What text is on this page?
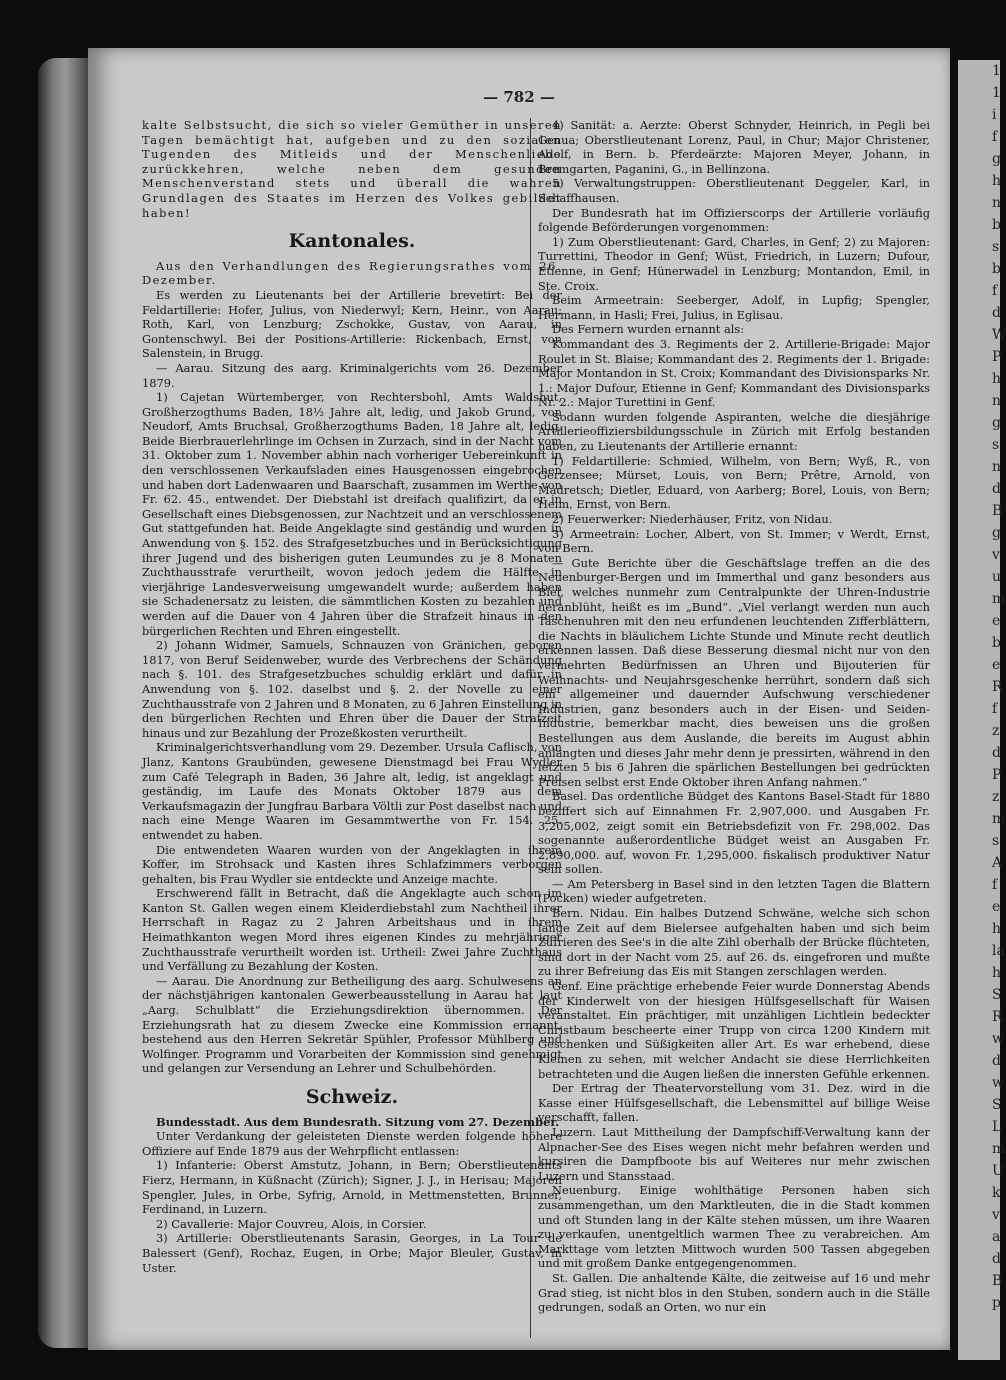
1
1
i
f
g
h
n
b
s
b
f
d
W
P
h
n
g
s
n
d
B
g
v
u
m
e
b
e
R
f
z
d
P
z
m
s
A
f
e
h
la
h
S
R
w
d
w
S
L
m
U
k
v
a
d
B
p
— 782 —

kalte Selbstsucht, die sich so vieler Gemüther in unseren Tagen bemächtigt hat, aufgeben und zu den sozialen Tugenden des Mitleids und der Menschenliebe zurückkehren, welche neben dem gesunden Menschenverstand stets und überall die wahren Grundlagen des Staates im Herzen des Volkes gebildet haben!

Kantonales.

Aus den Verhandlungen des Regierungsrathes vom 26. Dezember.

Es werden zu Lieutenants bei der Artillerie brevetirt: Bei der Feldartillerie: Hofer, Julius, von Niederwyl; Kern, Heinr., von Aarau; Roth, Karl, von Lenzburg; Zschokke, Gustav, von Aarau, in Gontenschwyl. Bei der Positions-Artillerie: Rickenbach, Ernst, von Salenstein, in Brugg.

— Aarau. Sitzung des aarg. Kriminalgerichts vom 26. Dezember 1879.

1) Cajetan Würtemberger, von Rechtersbohl, Amts Waldshut, Großherzogthums Baden, 18½ Jahre alt, ledig, und Jakob Grund, von Neudorf, Amts Bruchsal, Großherzogthums Baden, 18 Jahre alt, ledig, Beide Bierbrauerlehrlinge im Ochsen in Zurzach, sind in der Nacht vom 31. Oktober zum 1. November abhin nach vorheriger Uebereinkunft in den verschlossenen Verkaufsladen eines Hausgenossen eingebrochen und haben dort Ladenwaaren und Baarschaft, zusammen im Werthe von Fr. 62. 45., entwendet. Der Diebstahl ist dreifach qualifizirt, da er in Gesellschaft eines Diebsgenossen, zur Nachtzeit und an verschlossenem Gut stattgefunden hat. Beide Angeklagte sind geständig und wurden in Anwendung von §. 152. des Strafgesetzbuches und in Berücksichtigung ihrer Jugend und des bisherigen guten Leumundes zu je 8 Monaten Zuchthausstrafe verurtheilt, wovon jedoch jedem die Hälfte in vierjährige Landesverweisung umgewandelt wurde; außerdem haben sie Schadenersatz zu leisten, die sämmtlichen Kosten zu bezahlen und werden auf die Dauer von 4 Jahren über die Strafzeit hinaus in den bürgerlichen Rechten und Ehren eingestellt.

2) Johann Widmer, Samuels, Schnauzen von Gränichen, geboren 1817, von Beruf Seidenweber, wurde des Verbrechens der Schändung nach §. 101. des Strafgesetzbuches schuldig erklärt und dafür in Anwendung von §. 102. daselbst und §. 2. der Novelle zu einer Zuchthausstrafe von 2 Jahren und 8 Monaten, zu 6 Jahren Einstellung in den bürgerlichen Rechten und Ehren über die Dauer der Strafzeit hinaus und zur Bezahlung der Prozeßkosten verurtheilt.

Kriminalgerichtsverhandlung vom 29. Dezember. Ursula Caflisch, von Jlanz, Kantons Graubünden, gewesene Dienstmagd bei Frau Wydler zum Café Telegraph in Baden, 36 Jahre alt, ledig, ist angeklagt und geständig, im Laufe des Monats Oktober 1879 aus dem Verkaufsmagazin der Jungfrau Barbara Völtli zur Post daselbst nach und nach eine Menge Waaren im Gesammtwerthe von Fr. 154. 25. entwendet zu haben.

Die entwendeten Waaren wurden von der Angeklagten in ihrem Koffer, im Strohsack und Kasten ihres Schlafzimmers verborgen gehalten, bis Frau Wydler sie entdeckte und Anzeige machte.

Erschwerend fällt in Betracht, daß die Angeklagte auch schon im Kanton St. Gallen wegen einem Kleiderdiebstahl zum Nachtheil ihrer Herrschaft in Ragaz zu 2 Jahren Arbeitshaus und in ihrem Heimathkanton wegen Mord ihres eigenen Kindes zu mehrjähriger Zuchthausstrafe verurtheilt worden ist. Urtheil: Zwei Jahre Zuchthaus und Verfällung zu Bezahlung der Kosten.

— Aarau. Die Anordnung zur Betheiligung des aarg. Schulwesens an der nächstjährigen kantonalen Gewerbeausstellung in Aarau hat laut „Aarg. Schulblatt“ die Erziehungsdirektion übernommen. Der Erziehungsrath hat zu diesem Zwecke eine Kommission ernannt, bestehend aus den Herren Sekretär Spühler, Professor Mühlberg und Wolfinger. Programm und Vorarbeiten der Kommission sind genehmigt und gelangen zur Versendung an Lehrer und Schulbehörden.

Schweiz.

Bundesstadt. Aus dem Bundesrath. Sitzung vom 27. Dezember.

Unter Verdankung der geleisteten Dienste werden folgende höhere Offiziere auf Ende 1879 aus der Wehrpflicht entlassen:

1) Infanterie: Oberst Amstutz, Johann, in Bern; Oberstlieutenants Fierz, Hermann, in Küßnacht (Zürich); Signer, J. J., in Herisau; Majoren Spengler, Jules, in Orbe, Syfrig, Arnold, in Mettmenstetten, Brunner, Ferdinand, in Luzern.

2) Cavallerie: Major Couvreu, Alois, in Corsier.

3) Artillerie: Oberstlieutenants Sarasin, Georges, in La Tour de Balessert (Genf), Rochaz, Eugen, in Orbe; Major Bleuler, Gustav, in Uster.

4) Sanität: a. Aerzte: Oberst Schnyder, Heinrich, in Pegli bei Genua; Oberstlieutenant Lorenz, Paul, in Chur; Major Christener, Adolf, in Bern. b. Pferdeärzte: Majoren Meyer, Johann, in Bremgarten, Paganini, G., in Bellinzona.

5) Verwaltungstruppen: Oberstlieutenant Deggeler, Karl, in Schaffhausen.

Der Bundesrath hat im Offizierscorps der Artillerie vorläufig folgende Beförderungen vorgenommen:

1) Zum Oberstlieutenant: Gard, Charles, in Genf; 2) zu Majoren: Turrettini, Theodor in Genf; Wüst, Friedrich, in Luzern; Dufour, Etienne, in Genf; Hünerwadel in Lenzburg; Montandon, Emil, in Ste. Croix.

Beim Armeetrain: Seeberger, Adolf, in Lupfig; Spengler, Hermann, in Hasli; Frei, Julius, in Eglisau.

Des Fernern wurden ernannt als:

Kommandant des 3. Regiments der 2. Artillerie-Brigade: Major Roulet in St. Blaise; Kommandant des 2. Regiments der 1. Brigade: Major Montandon in St. Croix; Kommandant des Divisionsparks Nr. 1.: Major Dufour, Etienne in Genf; Kommandant des Divisionsparks Nr. 2.: Major Turettini in Genf.

Sodann wurden folgende Aspiranten, welche die diesjährige Artillerieoffiziersbildungsschule in Zürich mit Erfolg bestanden haben, zu Lieutenants der Artillerie ernannt:

1) Feldartillerie: Schmied, Wilhelm, von Bern; Wyß, R., von Gerzensee; Mürset, Louis, von Bern; Prêtre, Arnold, von Madretsch; Dietler, Eduard, von Aarberg; Borel, Louis, von Bern; Heim, Ernst, von Bern.

2) Feuerwerker: Niederhäuser, Fritz, von Nidau.

3) Armeetrain: Locher, Albert, von St. Immer; v Werdt, Ernst, von Bern.

— Gute Berichte über die Geschäftslage treffen an die des Neuenburger-Bergen und im Immerthal und ganz besonders aus Biel, welches nunmehr zum Centralpunkte der Uhren-Industrie heranblüht, heißt es im „Bund“. „Viel verlangt werden nun auch Taschenuhren mit den neu erfundenen leuchtenden Zifferblättern, die Nachts in bläulichem Lichte Stunde und Minute recht deutlich erkennen lassen. Daß diese Besserung diesmal nicht nur von den vermehrten Bedürfnissen an Uhren und Bijouterien für Weihnachts- und Neujahrsgeschenke herrührt, sondern daß sich ein allgemeiner und dauernder Aufschwung verschiedener Industrien, ganz besonders auch in der Eisen- und Seiden-Industrie, bemerkbar macht, dies beweisen uns die großen Bestellungen aus dem Auslande, die bereits im August abhin anlangten und dieses Jahr mehr denn je pressirten, während in den letzten 5 bis 6 Jahren die spärlichen Bestellungen bei gedrückten Preisen selbst erst Ende Oktober ihren Anfang nahmen.“

Basel. Das ordentliche Büdget des Kantons Basel-Stadt für 1880 beziffert sich auf Einnahmen Fr. 2,907,000. und Ausgaben Fr. 3,205,002, zeigt somit ein Betriebsdefizit von Fr. 298,002. Das sogenannte außerordentliche Büdget weist an Ausgaben Fr. 2,890,000. auf, wovon Fr. 1,295,000. fiskalisch produktiver Natur sein sollen.

— Am Petersberg in Basel sind in den letzten Tagen die Blattern (Pocken) wieder aufgetreten.

Bern. Nidau. Ein halbes Dutzend Schwäne, welche sich schon lange Zeit auf dem Bielersee aufgehalten haben und sich beim Zufrieren des See's in die alte Zihl oberhalb der Brücke flüchteten, sind dort in der Nacht vom 25. auf 26. ds. eingefroren und mußte zu ihrer Befreiung das Eis mit Stangen zerschlagen werden.

Genf. Eine prächtige erhebende Feier wurde Donnerstag Abends der Kinderwelt von der hiesigen Hülfsgesellschaft für Waisen veranstaltet. Ein prächtiger, mit unzähligen Lichtlein bedeckter Christbaum bescheerte einer Trupp von circa 1200 Kindern mit Geschenken und Süßigkeiten aller Art. Es war erhebend, diese Kleinen zu sehen, mit welcher Andacht sie diese Herrlichkeiten betrachteten und die Augen ließen die innersten Gefühle erkennen.

Der Ertrag der Theatervorstellung vom 31. Dez. wird in die Kasse einer Hülfsgesellschaft, die Lebensmittel auf billige Weise verschafft, fallen.

Luzern. Laut Mittheilung der Dampfschiff-Verwaltung kann der Alpnacher-See des Eises wegen nicht mehr befahren werden und kursiren die Dampfboote bis auf Weiteres nur mehr zwischen Luzern und Stansstaad.

Neuenburg. Einige wohlthätige Personen haben sich zusammengethan, um den Marktleuten, die in die Stadt kommen und oft Stunden lang in der Kälte stehen müssen, um ihre Waaren zu verkaufen, unentgeltlich warmen Thee zu verabreichen. Am Markttage vom letzten Mittwoch wurden 500 Tassen abgegeben und mit großem Danke entgegengenommen.

St. Gallen. Die anhaltende Kälte, die zeitweise auf 16 und mehr Grad stieg, ist nicht blos in den Stuben, sondern auch in die Ställe gedrungen, sodaß an Orten, wo nur ein
